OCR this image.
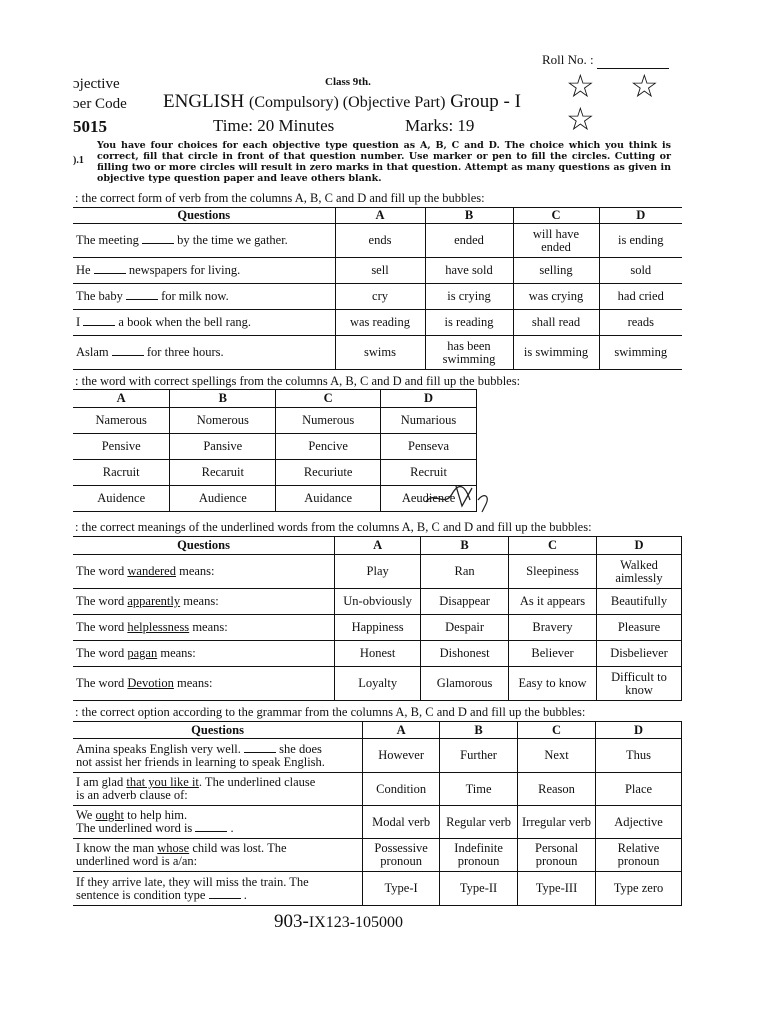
Roll No. :
ɔjective
ɔer Code
5015
Class 9th.
ENGLISH (Compulsory) (Objective Part) Group - I
Time: 20 Minutes	Marks: 19
☆ ☆
☆
).1
You have four choices for each objective type question as A, B, C and D. The choice which you think is correct, fill that circle in front of that question number. Use marker or pen to fill the circles. Cutting or filling two or more circles will result in zero marks in that question. Attempt as many questions as given in objective type question paper and leave others blank.
: the correct form of verb from the columns A, B, C and D and fill up the bubbles:
Questions	A	B	C	D
The meeting by the time we gather.	ends	ended	will have ended	is ending
He newspapers for living.	sell	have sold	selling	sold
The baby for milk now.	cry	is crying	was crying	had cried
I a book when the bell rang.	was reading	is reading	shall read	reads
Aslam for three hours.	swims	has been swimming	is swimming	swimming
: the word with correct spellings from the columns A, B, C and D and fill up the bubbles:
A	B	C	D
Namerous	Nomerous	Numerous	Numarious
Pensive	Pansive	Pencive	Penseva
Racruit	Recaruit	Recuriute	Recruit
Auidence	Audience	Auidance	Aeudience
: the correct meanings of the underlined words from the columns A, B, C and D and fill up the bubbles:
Questions	A	B	C	D
The word wandered means:	Play	Ran	Sleepiness	Walked aimlessly
The word apparently means:	Un-obviously	Disappear	As it appears	Beautifully
The word helplessness means:	Happiness	Despair	Bravery	Pleasure
The word pagan means:	Honest	Dishonest	Believer	Disbeliever
The word Devotion means:	Loyalty	Glamorous	Easy to know	Difficult to know
: the correct option according to the grammar from the columns A, B, C and D and fill up the bubbles:
Questions	A	B	C	D
Amina speaks English very well. she does
not assist her friends in learning to speak English.	However	Further	Next	Thus
I am glad that you like it. The underlined clause
is an adverb clause of:	Condition	Time	Reason	Place
We ought to help him.
The underlined word is .	Modal verb	Regular verb	Irregular verb	Adjective
I know the man whose child was lost. The
underlined word is a/an:	Possessive pronoun	Indefinite pronoun	Personal pronoun	Relative pronoun
If they arrive late, they will miss the train. The
sentence is condition type .	Type-I	Type-II	Type-III	Type zero
903-IX123-105000
